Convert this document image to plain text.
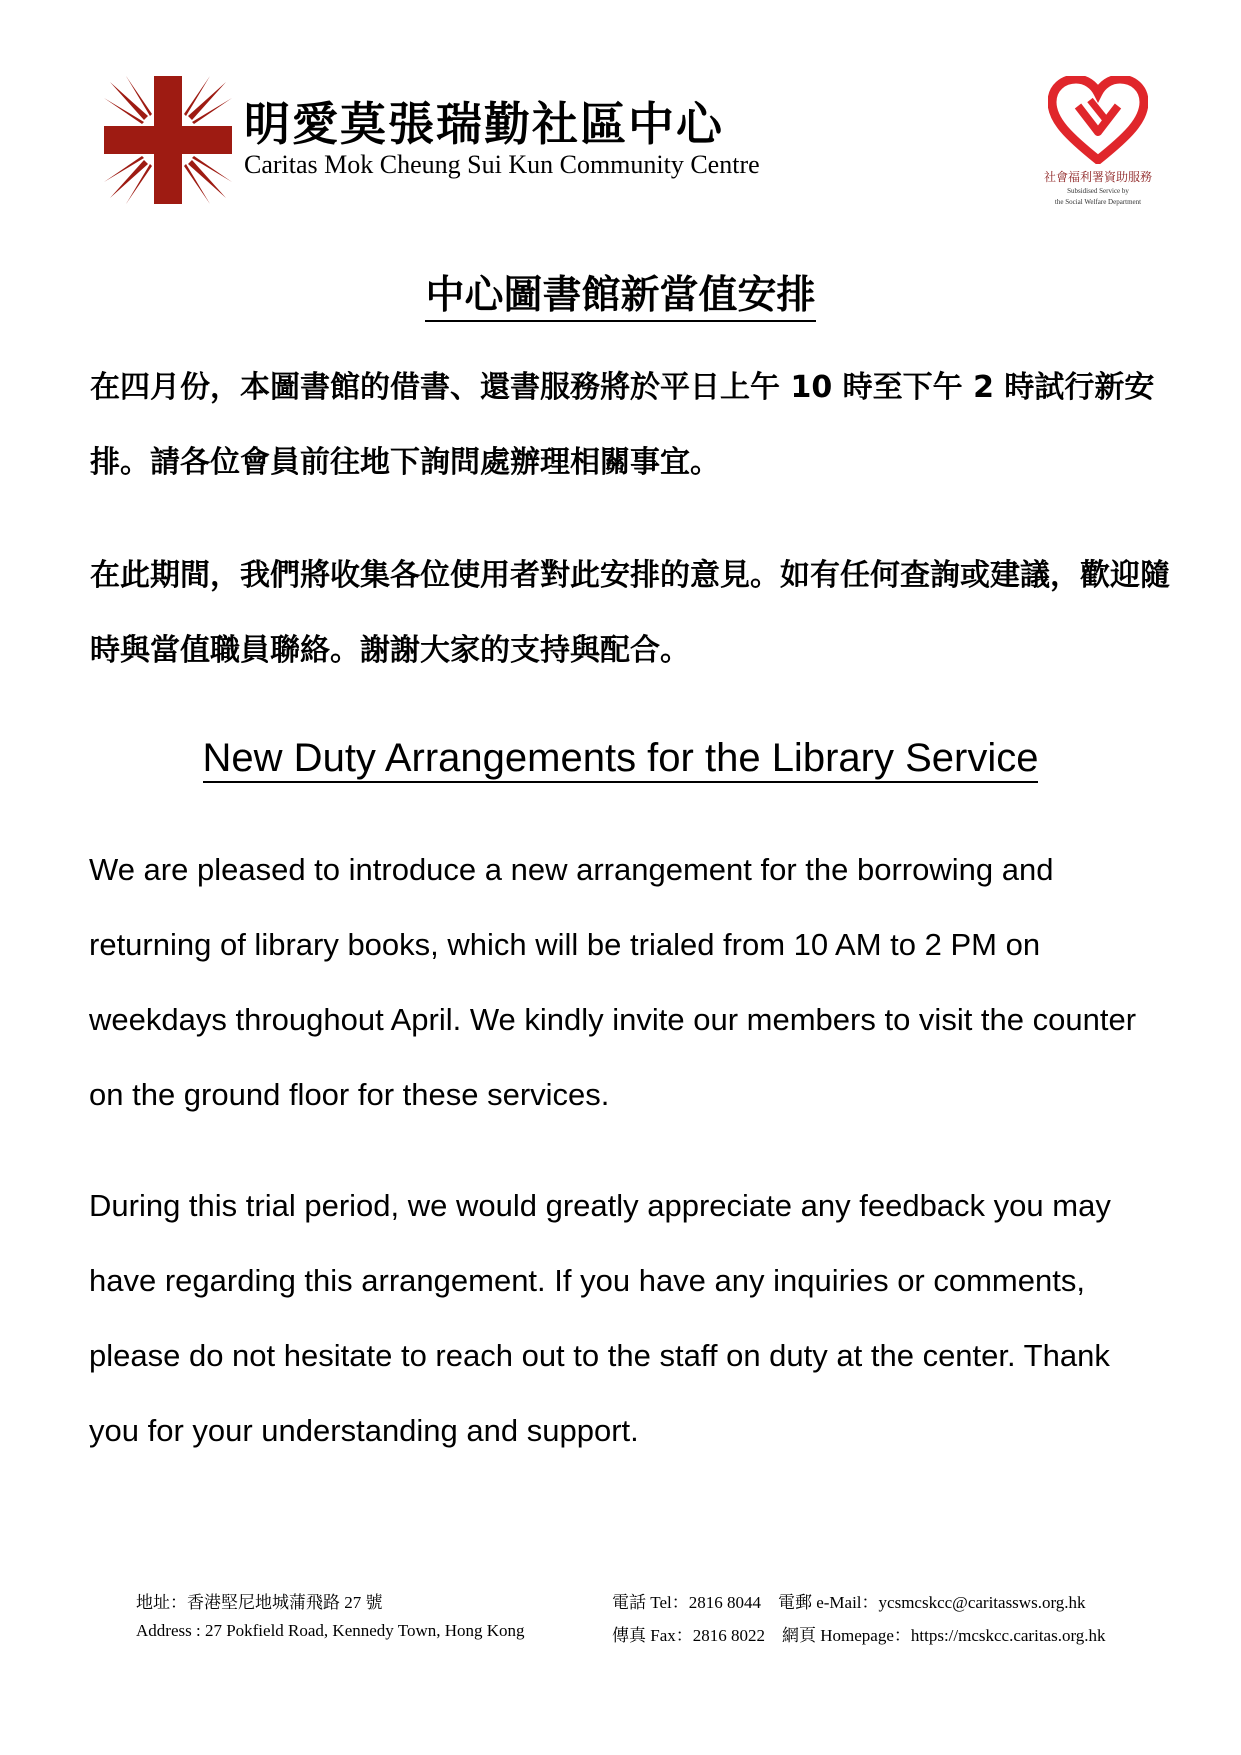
明愛莫張瑞勤社區中心
Caritas Mok Cheung Sui Kun Community Centre	社會福利署資助服務
Subsidised Service by
the Social Welfare Department
中心圖書館新當值安排

在四月份，本圖書館的借書、還書服務將於平日上午 10 時至下午 2 時試行新安排。請各位會員前往地下詢問處辦理相關事宜。

在此期間，我們將收集各位使用者對此安排的意見。如有任何查詢或建議，歡迎隨時與當值職員聯絡。謝謝大家的支持與配合。

New Duty Arrangements for the Library Service

We are pleased to introduce a new arrangement for the borrowing and returning of library books, which will be trialed from 10 AM to 2 PM on weekdays throughout April. We kindly invite our members to visit the counter on the ground floor for these services.

During this trial period, we would greatly appreciate any feedback you may have regarding this arrangement. If you have any inquiries or comments, please do not hesitate to reach out to the staff on duty at the center. Thank you for your understanding and support.

地址：香港堅尼地城蒲飛路 27 號
Address : 27 Pokfield Road, Kennedy Town, Hong Kong
電話 Tel：2816 8044　電郵 e-Mail：ycsmcskcc@caritassws.org.hk
傳真 Fax：2816 8022　網頁 Homepage：https://mcskcc.caritas.org.hk
